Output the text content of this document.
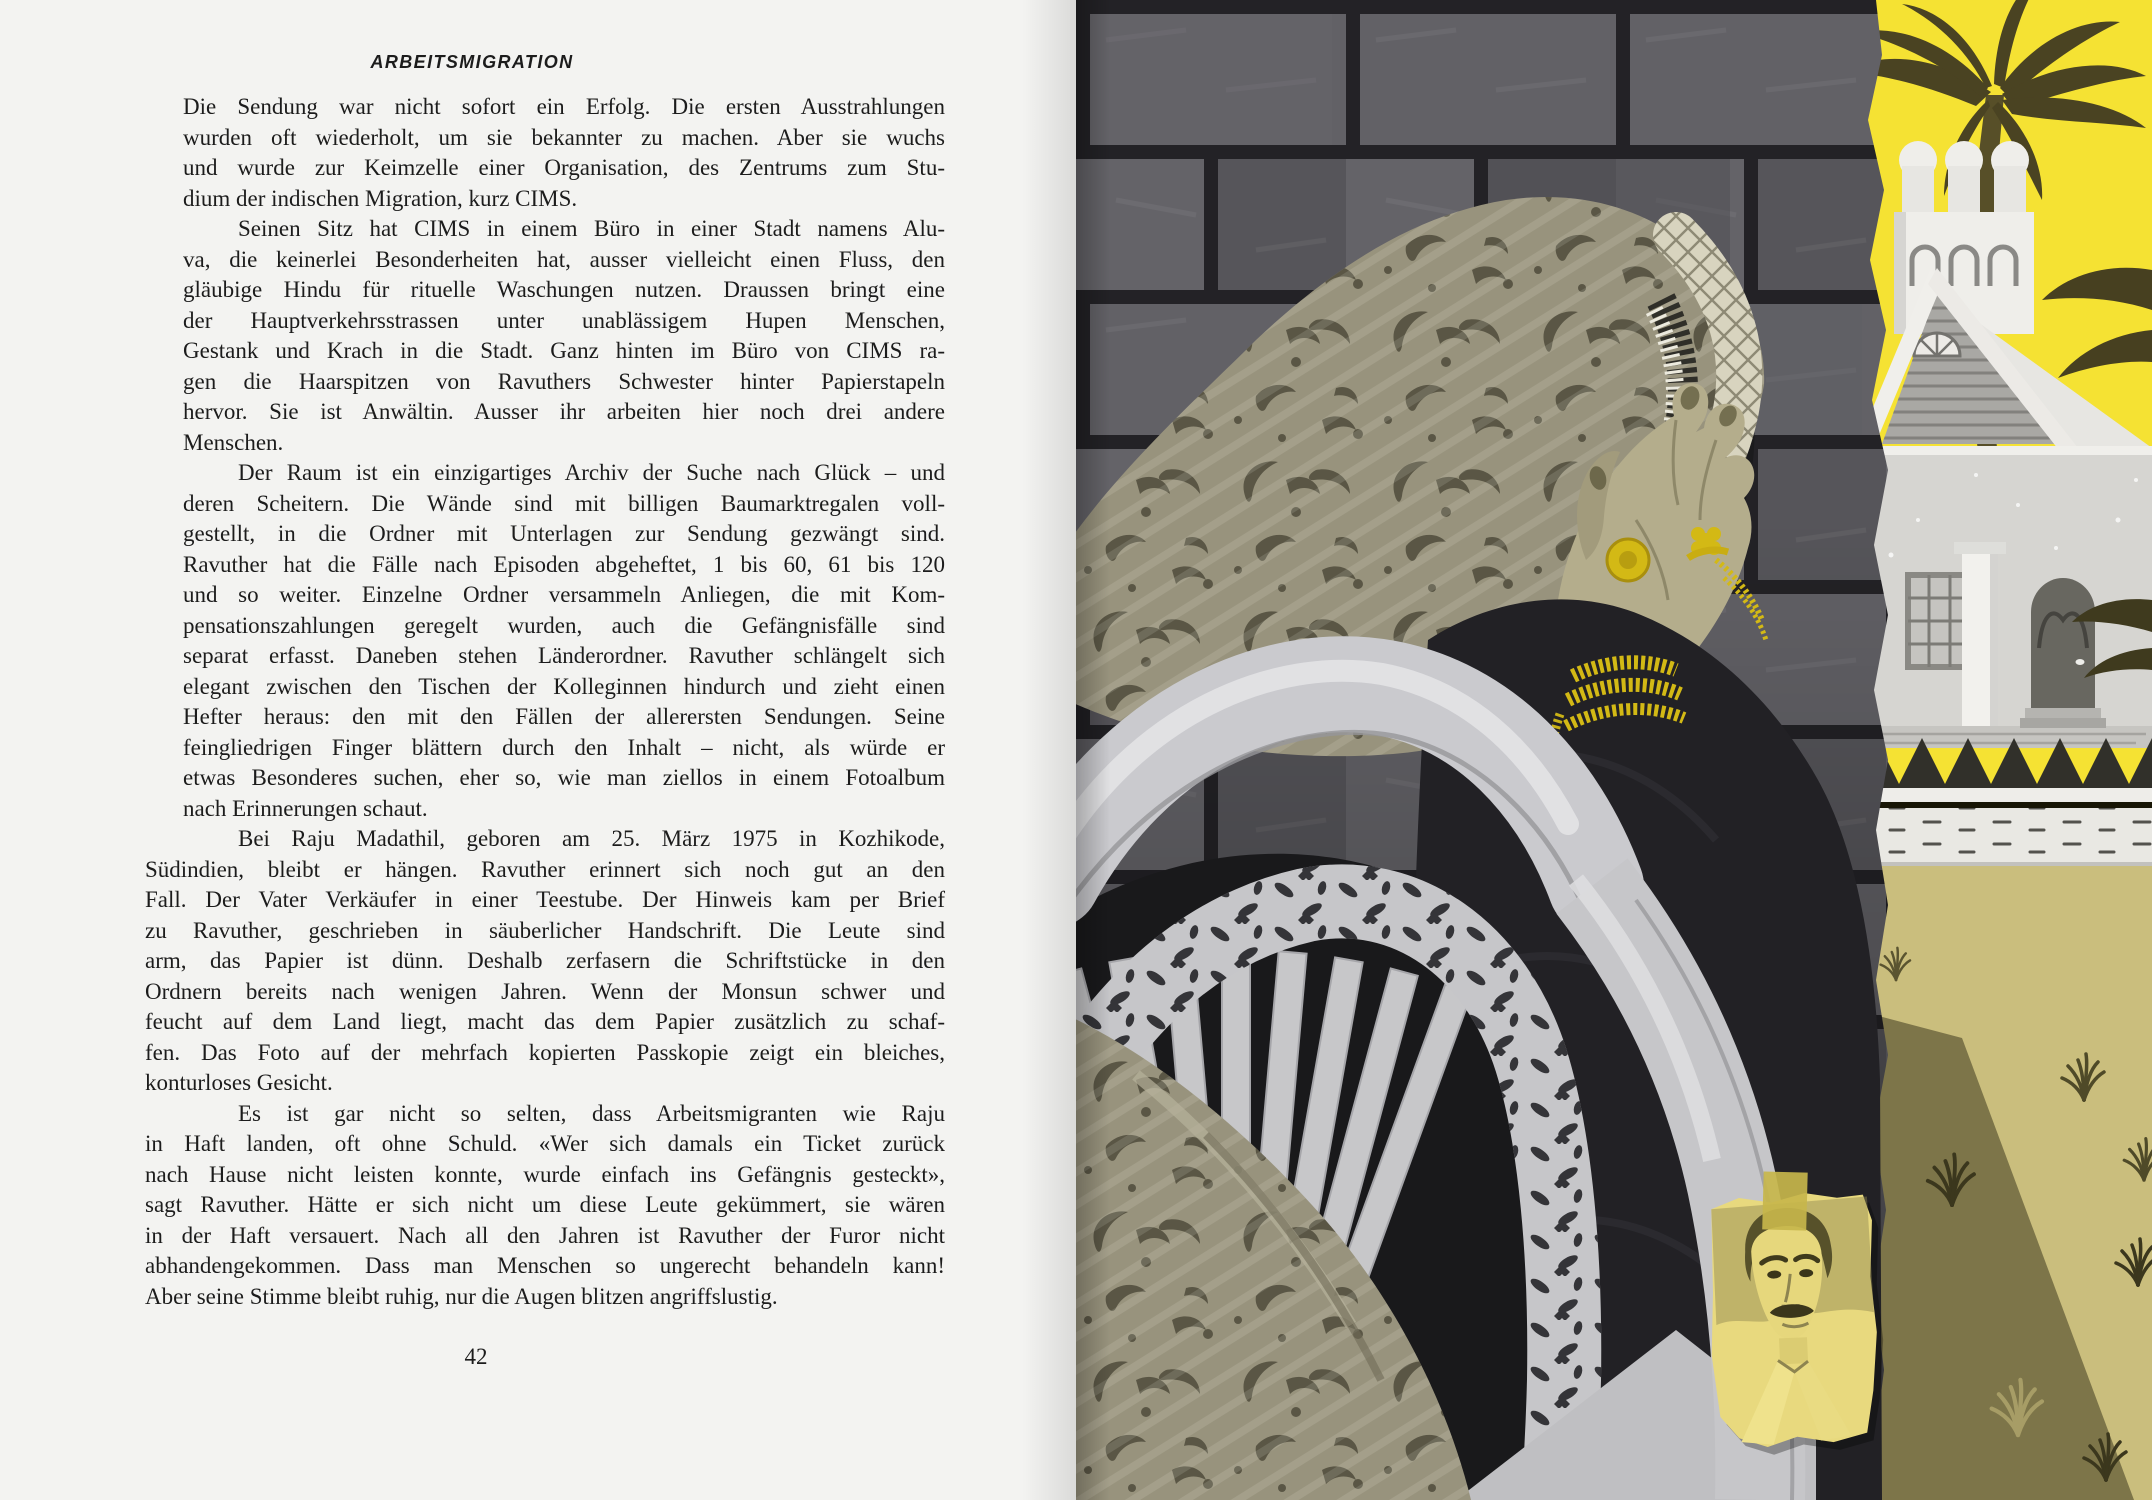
ARBEITSMIGRATION
Die Sendung war nicht sofort ein Erfolg. Die ersten Ausstrahlungen
wurden oft wiederholt, um sie bekannter zu machen. Aber sie wuchs
und wurde zur Keimzelle einer Organisation, des Zentrums zum Stu-
dium der indischen Migration, kurz CIMS.
Seinen Sitz hat CIMS in einem Büro in einer Stadt namens Alu-
va, die keinerlei Besonderheiten hat, ausser vielleicht einen Fluss, den
gläubige Hindu für rituelle Waschungen nutzen. Draussen bringt eine
der Hauptverkehrsstrassen unter unablässigem Hupen Menschen,
Gestank und Krach in die Stadt. Ganz hinten im Büro von CIMS ra-
gen die Haarspitzen von Ravuthers Schwester hinter Papierstapeln
hervor. Sie ist Anwältin. Ausser ihr arbeiten hier noch drei andere
Menschen.
Der Raum ist ein einzigartiges Archiv der Suche nach Glück – und
deren Scheitern. Die Wände sind mit billigen Baumarktregalen voll-
gestellt, in die Ordner mit Unterlagen zur Sendung gezwängt sind.
Ravuther hat die Fälle nach Episoden abgeheftet, 1 bis 60, 61 bis 120
und so weiter. Einzelne Ordner versammeln Anliegen, die mit Kom-
pensationszahlungen geregelt wurden, auch die Gefängnisfälle sind
separat erfasst. Daneben stehen Länderordner. Ravuther schlängelt sich
elegant zwischen den Tischen der Kolleginnen hindurch und zieht einen
Hefter heraus: den mit den Fällen der allerersten Sendungen. Seine
feingliedrigen Finger blättern durch den Inhalt – nicht, als würde er
etwas Besonderes suchen, eher so, wie man ziellos in einem Fotoalbum
nach Erinnerungen schaut.
Bei Raju Madathil, geboren am 25. März 1975 in Kozhikode,
Südindien, bleibt er hängen. Ravuther erinnert sich noch gut an den
Fall. Der Vater Verkäufer in einer Teestube. Der Hinweis kam per Brief
zu Ravuther, geschrieben in säuberlicher Handschrift. Die Leute sind
arm, das Papier ist dünn. Deshalb zerfasern die Schriftstücke in den
Ordnern bereits nach wenigen Jahren. Wenn der Monsun schwer und
feucht auf dem Land liegt, macht das dem Papier zusätzlich zu schaf-
fen. Das Foto auf der mehrfach kopierten Passkopie zeigt ein bleiches,
konturloses Gesicht.
Es ist gar nicht so selten, dass Arbeitsmigranten wie Raju
in Haft landen, oft ohne Schuld. «Wer sich damals ein Ticket zurück
nach Hause nicht leisten konnte, wurde einfach ins Gefängnis gesteckt»,
sagt Ravuther. Hätte er sich nicht um diese Leute gekümmert, sie wären
in der Haft versauert. Nach all den Jahren ist Ravuther der Furor nicht
abhandengekommen. Dass man Menschen so ungerecht behandeln kann!
Aber seine Stimme bleibt ruhig, nur die Augen blitzen angriffslustig.
42
